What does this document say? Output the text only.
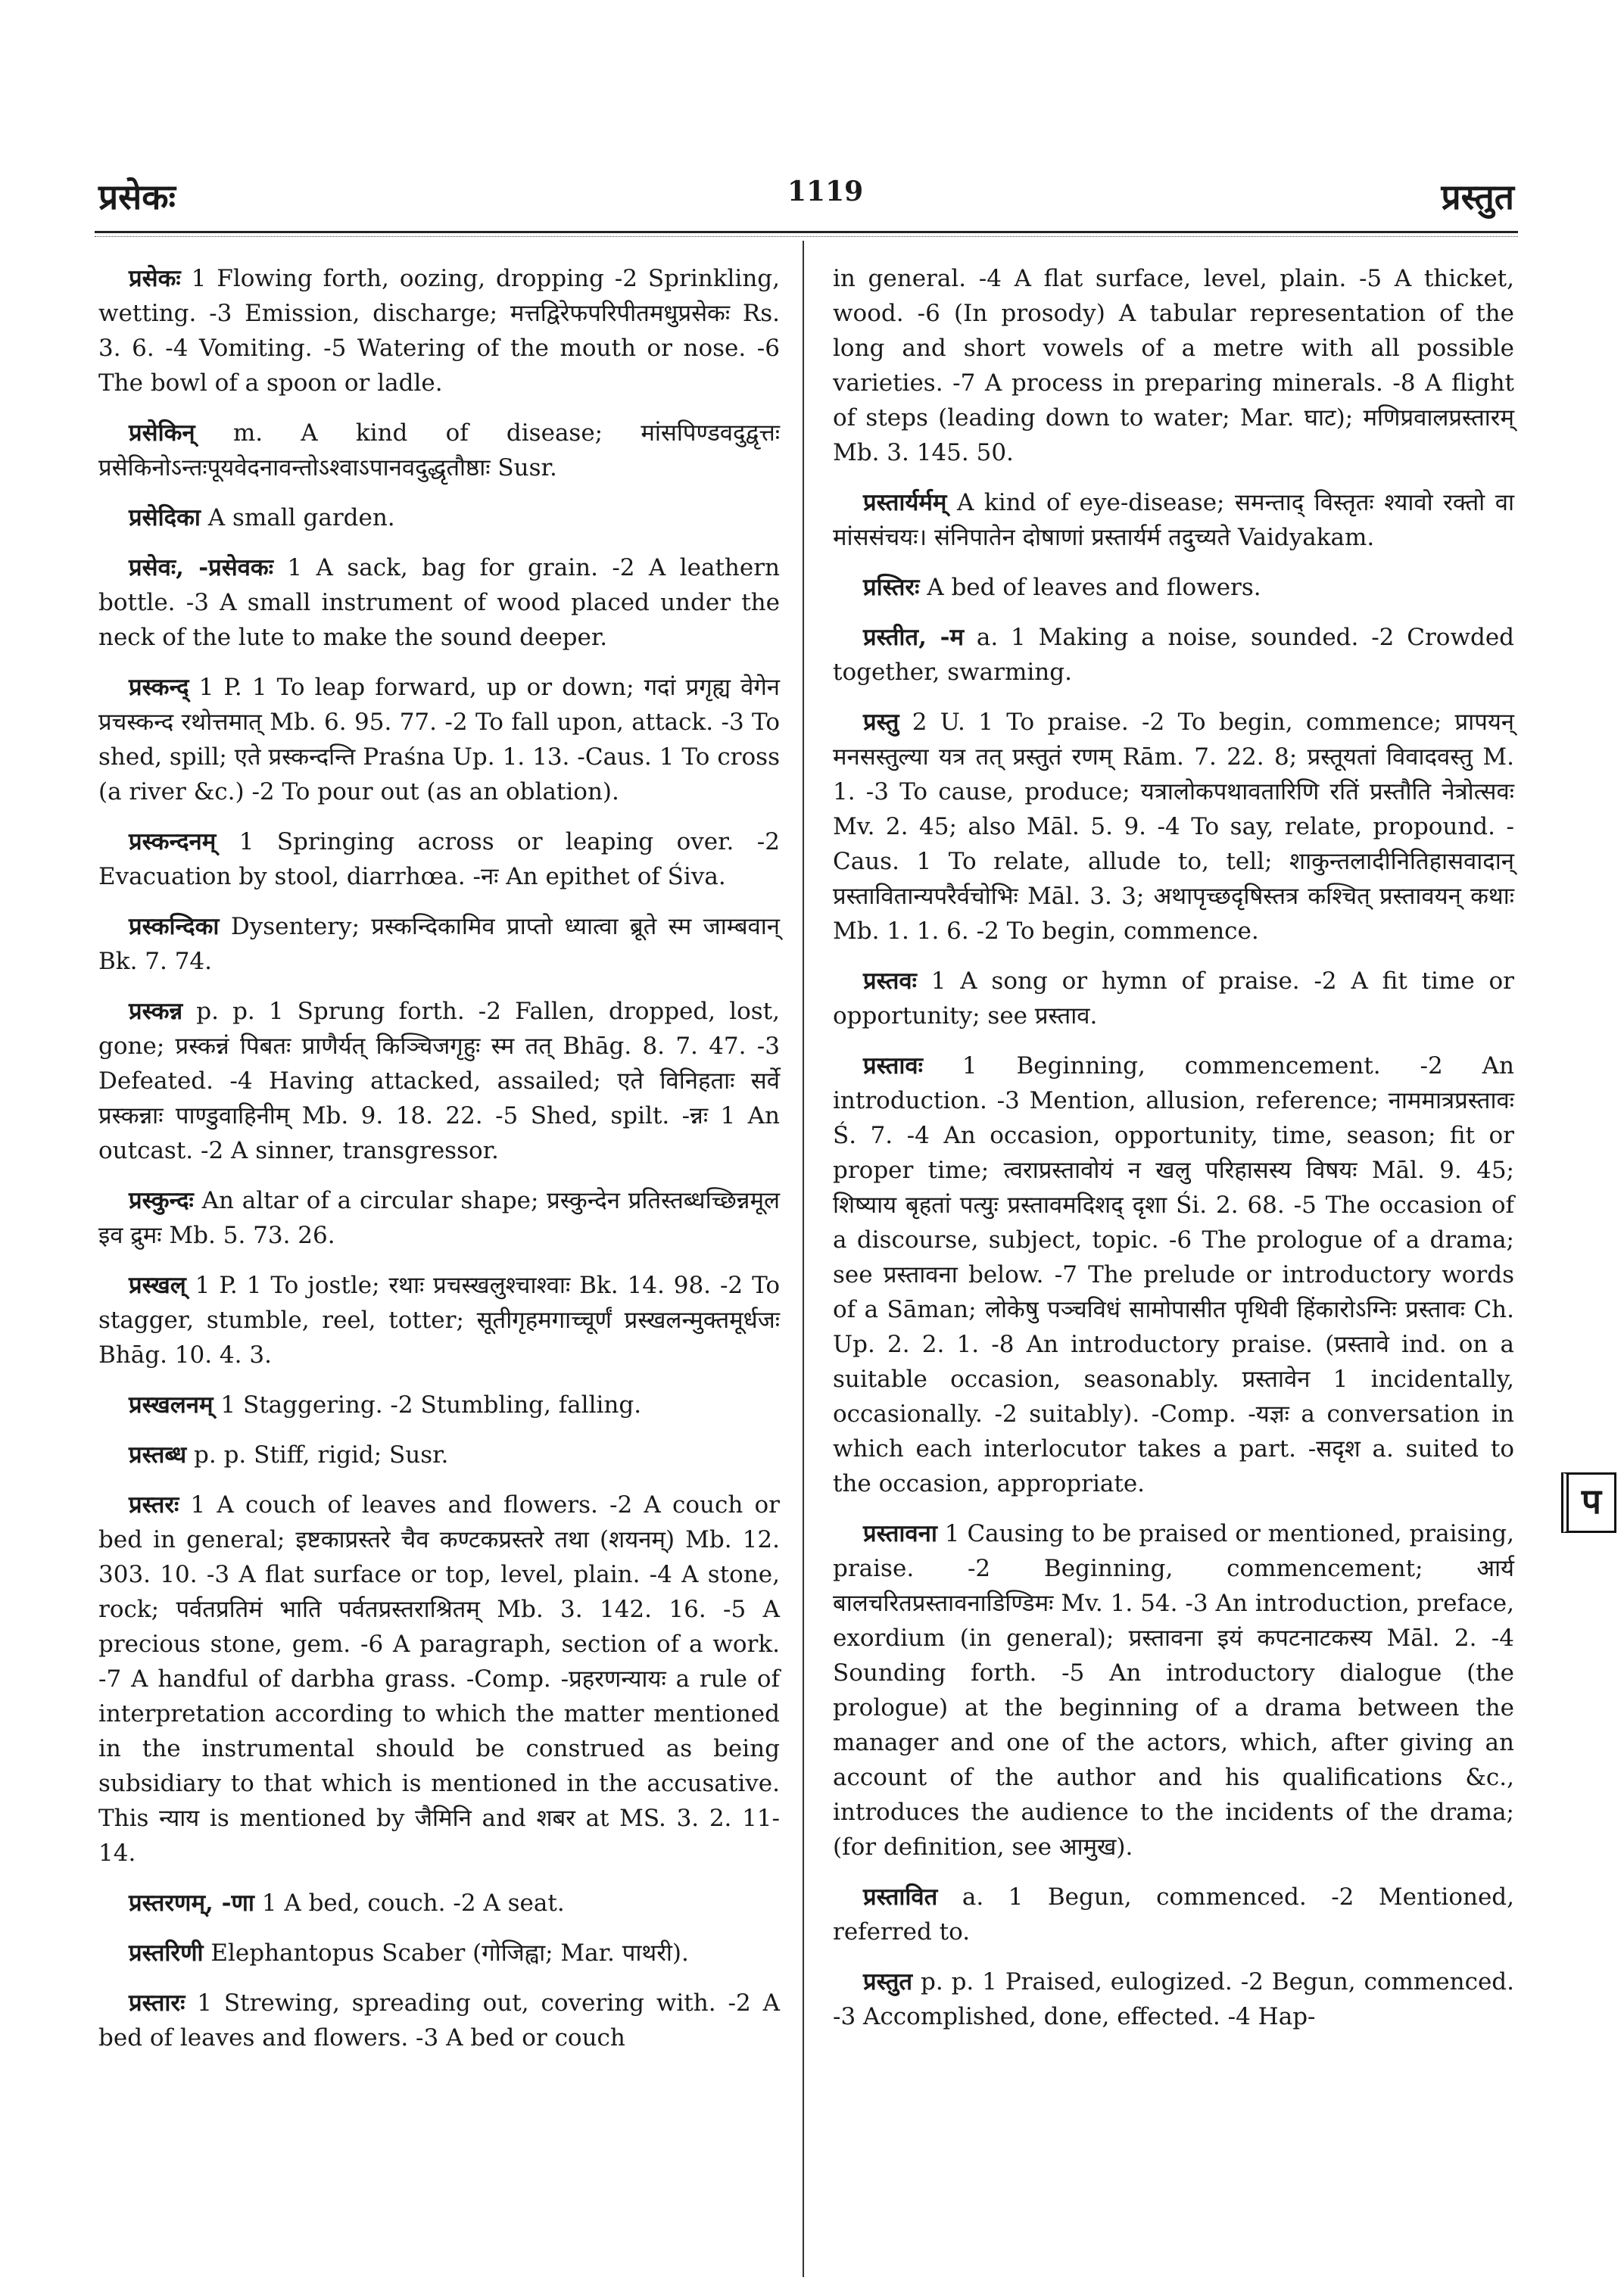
प्रसेकः	1119	प्रस्तुत

प्रसेकः 1 Flowing forth, oozing, dropping -2 Sprinkling, wetting. -3 Emission, discharge; मत्तद्विरेफपरिपीतमधुप्रसेकः Rs. 3. 6. -4 Vomiting. -5 Watering of the mouth or nose. -6 The bowl of a spoon or ladle.

प्रसेकिन् m. A kind of disease; मांसपिण्डवदुद्वृत्तः प्रसेकिनोऽन्तःपूयवेदनावन्तोऽश्वाऽपानवदुद्धृतौष्ठाः Susr.

प्रसेदिका A small garden.

प्रसेवः, -प्रसेवकः 1 A sack, bag for grain. -2 A leathern bottle. -3 A small instrument of wood placed under the neck of the lute to make the sound deeper.

प्रस्कन्द् 1 P. 1 To leap forward, up or down; गदां प्रगृह्य वेगेन प्रचस्कन्द रथोत्तमात् Mb. 6. 95. 77. -2 To fall upon, attack. -3 To shed, spill; एते प्रस्कन्दन्ति Praśna Up. 1. 13. -Caus. 1 To cross (a river &c.) -2 To pour out (as an oblation).

प्रस्कन्दनम् 1 Springing across or leaping over. -2 Evacuation by stool, diarrhœa. -नः An epithet of Śiva.

प्रस्कन्दिका Dysentery; प्रस्कन्दिकामिव प्राप्तो ध्यात्वा ब्रूते स्म जाम्बवान् Bk. 7. 74.

प्रस्कन्न p. p. 1 Sprung forth. -2 Fallen, dropped, lost, gone; प्रस्कन्नं पिबतः प्राणैर्यत् किञ्चिजगृहुः स्म तत् Bhāg. 8. 7. 47. -3 Defeated. -4 Having attacked, assailed; एते विनिहताः सर्वे प्रस्कन्नाः पाण्डुवाहिनीम् Mb. 9. 18. 22. -5 Shed, spilt. -न्नः 1 An outcast. -2 A sinner, transgressor.

प्रस्कुन्दः An altar of a circular shape; प्रस्कुन्देन प्रतिस्तब्धच्छिन्नमूल इव द्रुमः Mb. 5. 73. 26.

प्रस्खल् 1 P. 1 To jostle; रथाः प्रचस्खलुश्चाश्वाः Bk. 14. 98. -2 To stagger, stumble, reel, totter; सूतीगृहमगाच्चूर्णं प्रस्खलन्मुक्तमूर्धजः Bhāg. 10. 4. 3.

प्रस्खलनम् 1 Staggering. -2 Stumbling, falling.

प्रस्तब्ध p. p. Stiff, rigid; Susr.

प्रस्तरः 1 A couch of leaves and flowers. -2 A couch or bed in general; इष्टकाप्रस्तरे चैव कण्टकप्रस्तरे तथा (शयनम्) Mb. 12. 303. 10. -3 A flat surface or top, level, plain. -4 A stone, rock; पर्वतप्रतिमं भाति पर्वतप्रस्तराश्रितम् Mb. 3. 142. 16. -5 A precious stone, gem. -6 A paragraph, section of a work. -7 A handful of darbha grass. -Comp. -प्रहरणन्यायः a rule of interpretation according to which the matter mentioned in the instrumental should be construed as being subsidiary to that which is mentioned in the accusative. This न्याय is mentioned by जैमिनि and शबर at MS. 3. 2. 11-14.

प्रस्तरणम्, -णा 1 A bed, couch. -2 A seat.

प्रस्तरिणी Elephantopus Scaber (गोजिह्वा; Mar. पाथरी).

प्रस्तारः 1 Strewing, spreading out, covering with. -2 A bed of leaves and flowers. -3 A bed or couch

in general. -4 A flat surface, level, plain. -5 A thicket, wood. -6 (In prosody) A tabular representation of the long and short vowels of a metre with all possible varieties. -7 A process in preparing minerals. -8 A flight of steps (leading down to water; Mar. घाट); मणिप्रवालप्रस्तारम् Mb. 3. 145. 50.

प्रस्तार्यर्मम् A kind of eye-disease; समन्ताद् विस्तृतः श्यावो रक्तो वा मांससंचयः। संनिपातेन दोषाणां प्रस्तार्यर्म तदुच्यते Vaidyakam.

प्रस्तिरः A bed of leaves and flowers.

प्रस्तीत, -म a. 1 Making a noise, sounded. -2 Crowded together, swarming.

प्रस्तु 2 U. 1 To praise. -2 To begin, commence; प्रापयन् मनसस्तुल्या यत्र तत् प्रस्तुतं रणम् Rām. 7. 22. 8; प्रस्तूयतां विवादवस्तु M. 1. -3 To cause, produce; यत्रालोकपथावतारिणि रतिं प्रस्तौति नेत्रोत्सवः Mv. 2. 45; also Māl. 5. 9. -4 To say, relate, propound. -Caus. 1 To relate, allude to, tell; शाकुन्तलादीनितिहासवादान् प्रस्तावितान्यपरैर्वचोभिः Māl. 3. 3; अथापृच्छदृषिस्तत्र कश्चित् प्रस्तावयन् कथाः Mb. 1. 1. 6. -2 To begin, commence.

प्रस्तवः 1 A song or hymn of praise. -2 A fit time or opportunity; see प्रस्ताव.

प्रस्तावः 1 Beginning, commencement. -2 An introduction. -3 Mention, allusion, reference; नाममात्रप्रस्तावः Ś. 7. -4 An occasion, opportunity, time, season; fit or proper time; त्वराप्रस्तावोयं न खलु परिहासस्य विषयः Māl. 9. 45; शिष्याय बृहतां पत्युः प्रस्तावमदिशद् दृशा Śi. 2. 68. -5 The occasion of a discourse, subject, topic. -6 The prologue of a drama; see प्रस्तावना below. -7 The prelude or introductory words of a Sāman; लोकेषु पञ्चविधं सामोपासीत पृथिवी हिंकारोऽग्निः प्रस्तावः Ch. Up. 2. 2. 1. -8 An introductory praise. (प्रस्तावे ind. on a suitable occasion, seasonably. प्रस्तावेन 1 incidentally, occasionally. -2 suitably). -Comp. -यज्ञः a conversation in which each interlocutor takes a part. -सदृश a. suited to the occasion, appropriate.

प्रस्तावना 1 Causing to be praised or mentioned, praising, praise. -2 Beginning, commencement; आर्य बालचरितप्रस्तावनाडिण्डिमः Mv. 1. 54. -3 An introduction, preface, exordium (in general); प्रस्तावना इयं कपटनाटकस्य Māl. 2. -4 Sounding forth. -5 An introductory dialogue (the prologue) at the beginning of a drama between the manager and one of the actors, which, after giving an account of the author and his qualifications &c., introduces the audience to the incidents of the drama; (for definition, see आमुख).

प्रस्तावित a. 1 Begun, commenced. -2 Mentioned, referred to.

प्रस्तुत p. p. 1 Praised, eulogized. -2 Begun, commenced. -3 Accomplished, done, effected. -4 Hap-

प
